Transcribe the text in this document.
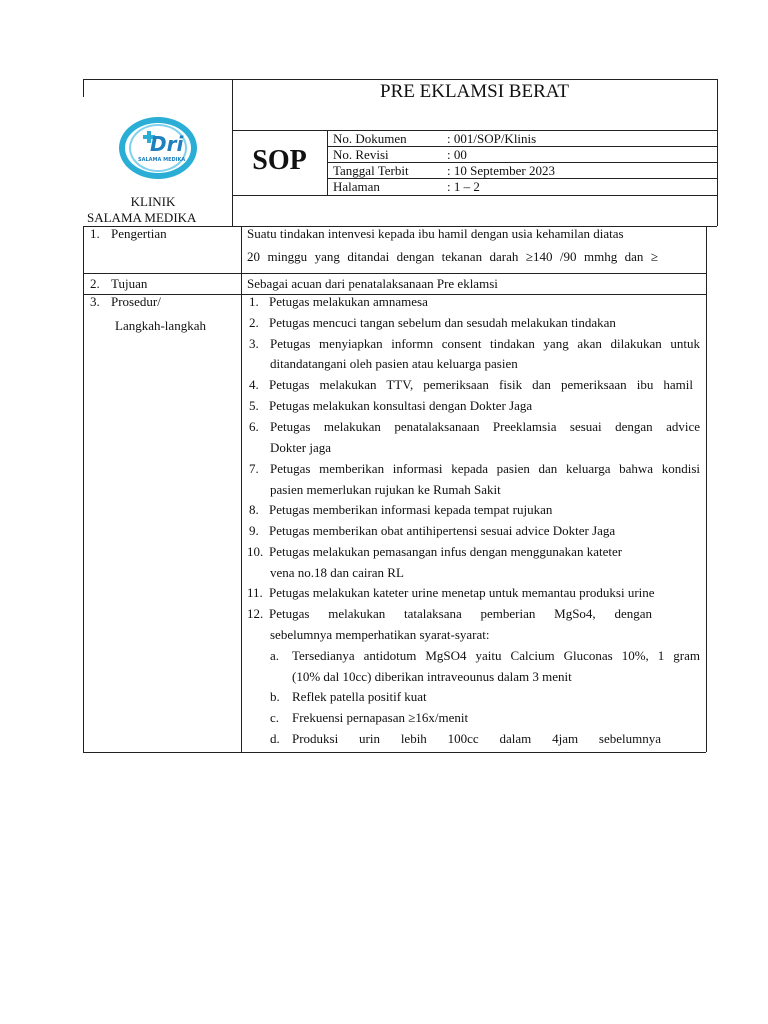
PRE EKLAMSI BERAT
SOP
No. Dokumen	: 001/SOP/Klinis
No. Revisi	: 00
Tanggal Terbit	: 10 September 2023
Halaman	: 1 – 2
Dri
SALAMA MEDIKA
KLINIK
SALAMA MEDIKA
1. Pengertian	Suatu tindakan intenvesi kepada ibu hamil dengan usia kehamilan diatas
20 minggu yang ditandai dengan tekanan darah ≥140 /90 mmhg dan ≥
2. Tujuan	Sebagai acuan dari penatalaksanaan Pre eklamsi
3. Prosedur/
Langkah-langkah
1. Petugas melakukan amnamesa
2. Petugas mencuci tangan sebelum dan sesudah melakukan tindakan
3. Petugas menyiapkan informn consent tindakan yang akan dilakukan untuk
ditandatangani oleh pasien atau keluarga pasien
4. Petugas melakukan TTV, pemeriksaan fisik dan pemeriksaan ibu hamil
5. Petugas melakukan konsultasi dengan Dokter Jaga
6. Petugas melakukan penatalaksanaan Preeklamsia sesuai dengan advice
Dokter jaga
7. Petugas memberikan informasi kepada pasien dan keluarga bahwa kondisi
pasien memerlukan rujukan ke Rumah Sakit
8. Petugas memberikan informasi kepada tempat rujukan
9. Petugas memberikan obat antihipertensi sesuai advice Dokter Jaga
10. Petugas melakukan pemasangan infus dengan menggunakan kateter
vena no.18 dan cairan RL
11. Petugas melakukan kateter urine menetap untuk memantau produksi urine
12. Petugas melakukan tatalaksana pemberian MgSo4, dengan
sebelumnya memperhatikan syarat-syarat:
a. Tersedianya antidotum MgSO4 yaitu Calcium Gluconas 10%, 1 gram
(10% dal 10cc) diberikan intraveounus dalam 3 menit
b. Reflek patella positif kuat
c. Frekuensi pernapasan ≥16x/menit
d. Produksi urin lebih 100cc dalam 4jam sebelumnya
